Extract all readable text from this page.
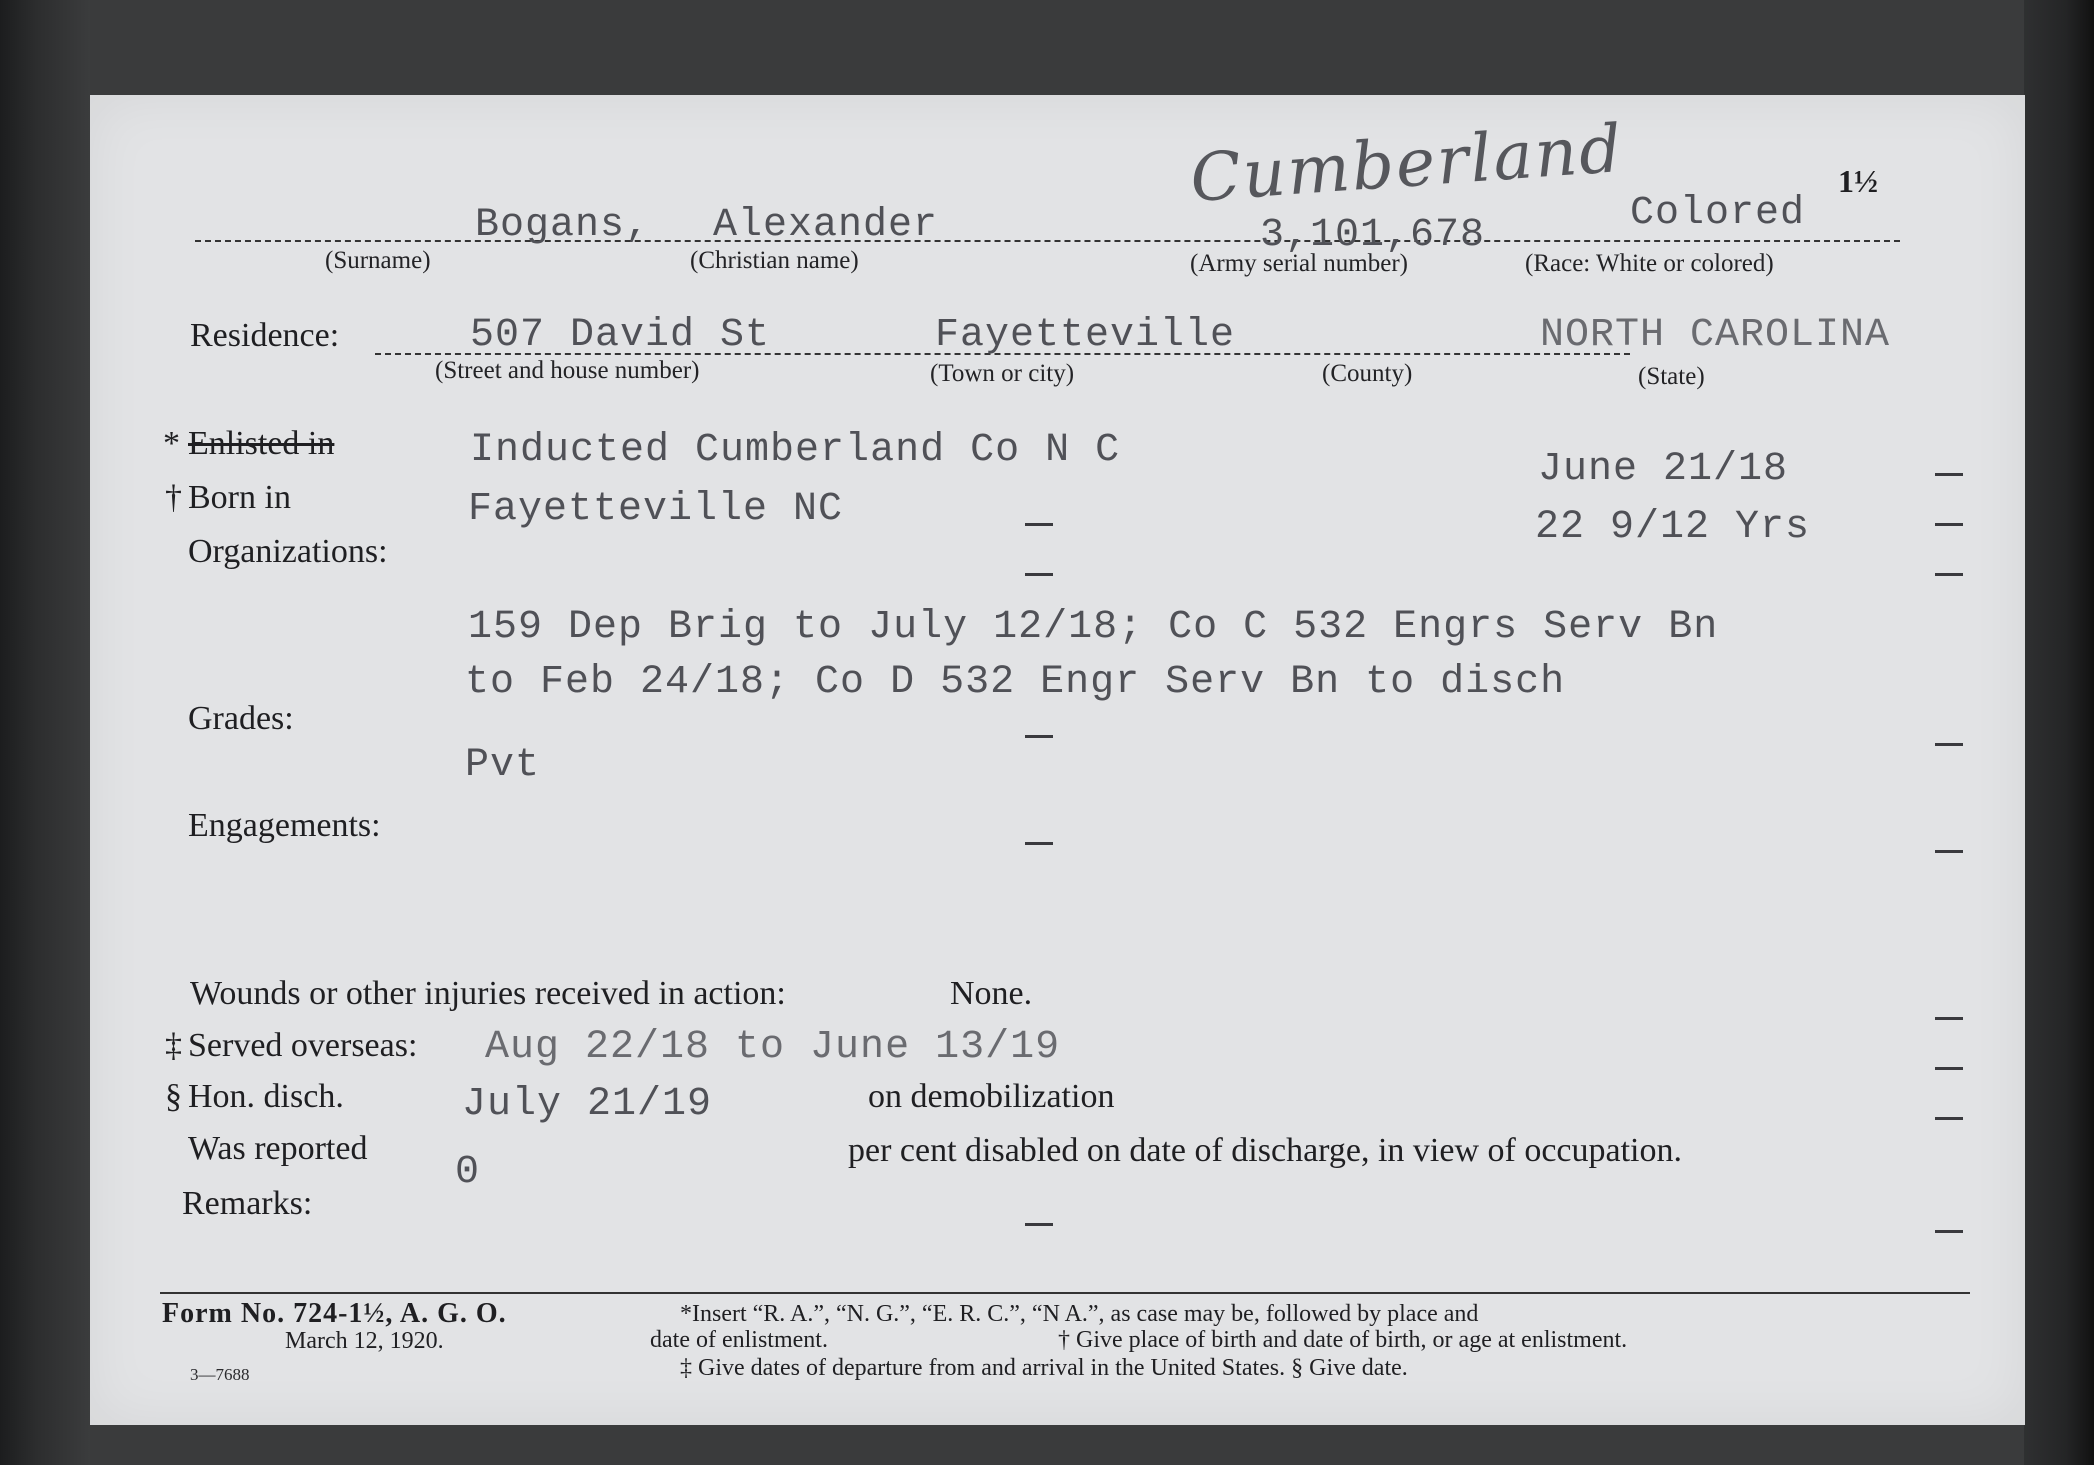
Cumberland	1½
Bogans, Alexander	3,101,678	Colored
(Surname)	(Christian name)	(Army serial number)	(Race: White or colored)
Residence:	507 David St	Fayetteville	NORTH CAROLINA
(Street and house number)	(Town or city)	(County)	(State)
* Enlisted in	Inducted Cumberland Co N C	June 21/18
† Born in	Fayetteville NC	22 9/12 Yrs
Organizations:
159 Dep Brig to July 12/18; Co C 532 Engrs Serv Bn
to Feb 24/18; Co D 532 Engr Serv Bn to disch
Grades:
Pvt
Engagements:
Wounds or other injuries received in action:	None.
‡ Served overseas: Aug 22/18 to June 13/19
§ Hon. disch.	July 21/19	on demobilization
Was reported
0	per cent disabled on date of discharge, in view of occupation.
Remarks:
Form No. 724-1½, A. G. O.
March 12, 1920.
3—7688
*Insert “R. A.”, “N. G.”, “E. R. C.”, “N A.”, as case may be, followed by place and
date of enlistment.	† Give place of birth and date of birth, or age at enlistment.
‡ Give dates of departure from and arrival in the United States. § Give date.
